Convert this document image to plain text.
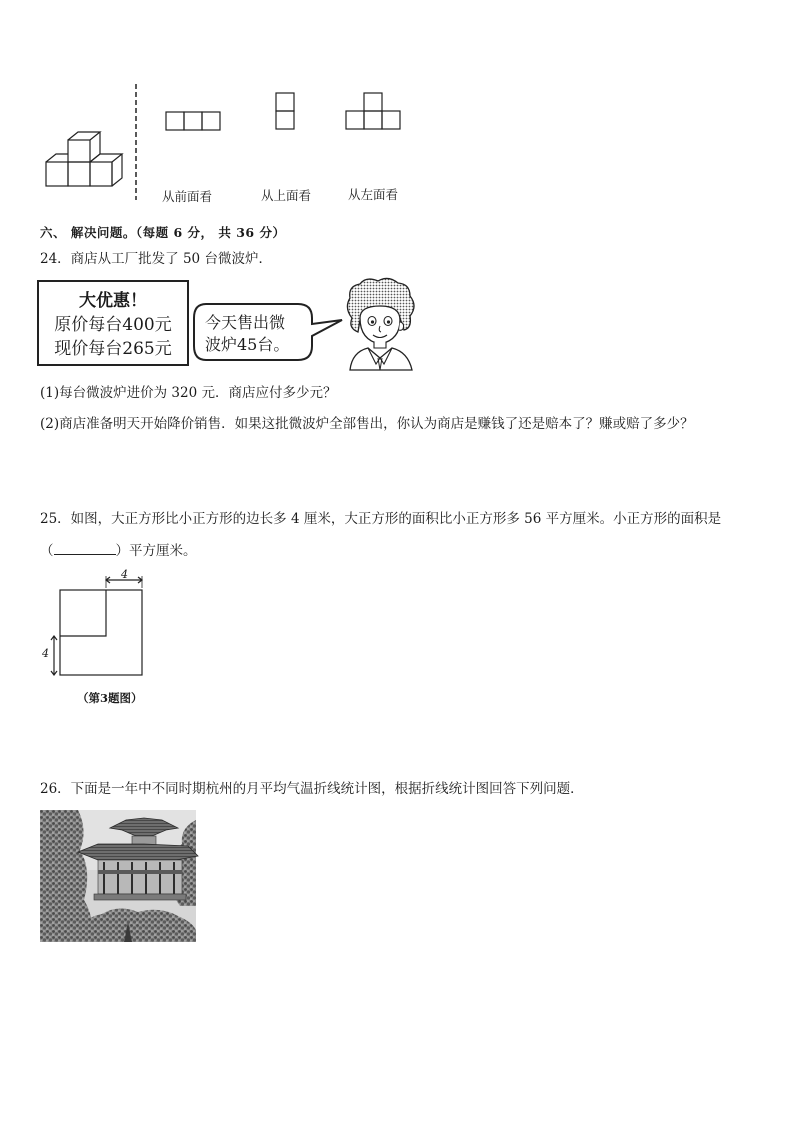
从前面看	从上面看	从左面看
六、 解决问题。（每题 6 分， 共 36 分）
24．商店从工厂批发了 50 台微波炉．
大优惠！
原价每台400元
现价每台265元
今天售出微
波炉45台。
(1)每台微波炉进价为 320 元．商店应付多少元？
(2)商店准备明天开始降价销售．如果这批微波炉全部售出，你认为商店是赚钱了还是赔本了？赚或赔了多少？
25．如图，大正方形比小正方形的边长多 4 厘米，大正方形的面积比小正方形多 56 平方厘米。小正方形的面积是
（	）平方厘米。
4
4
（第3题图）
26．下面是一年中不同时期杭州的月平均气温折线统计图，根据折线统计图回答下列问题．
